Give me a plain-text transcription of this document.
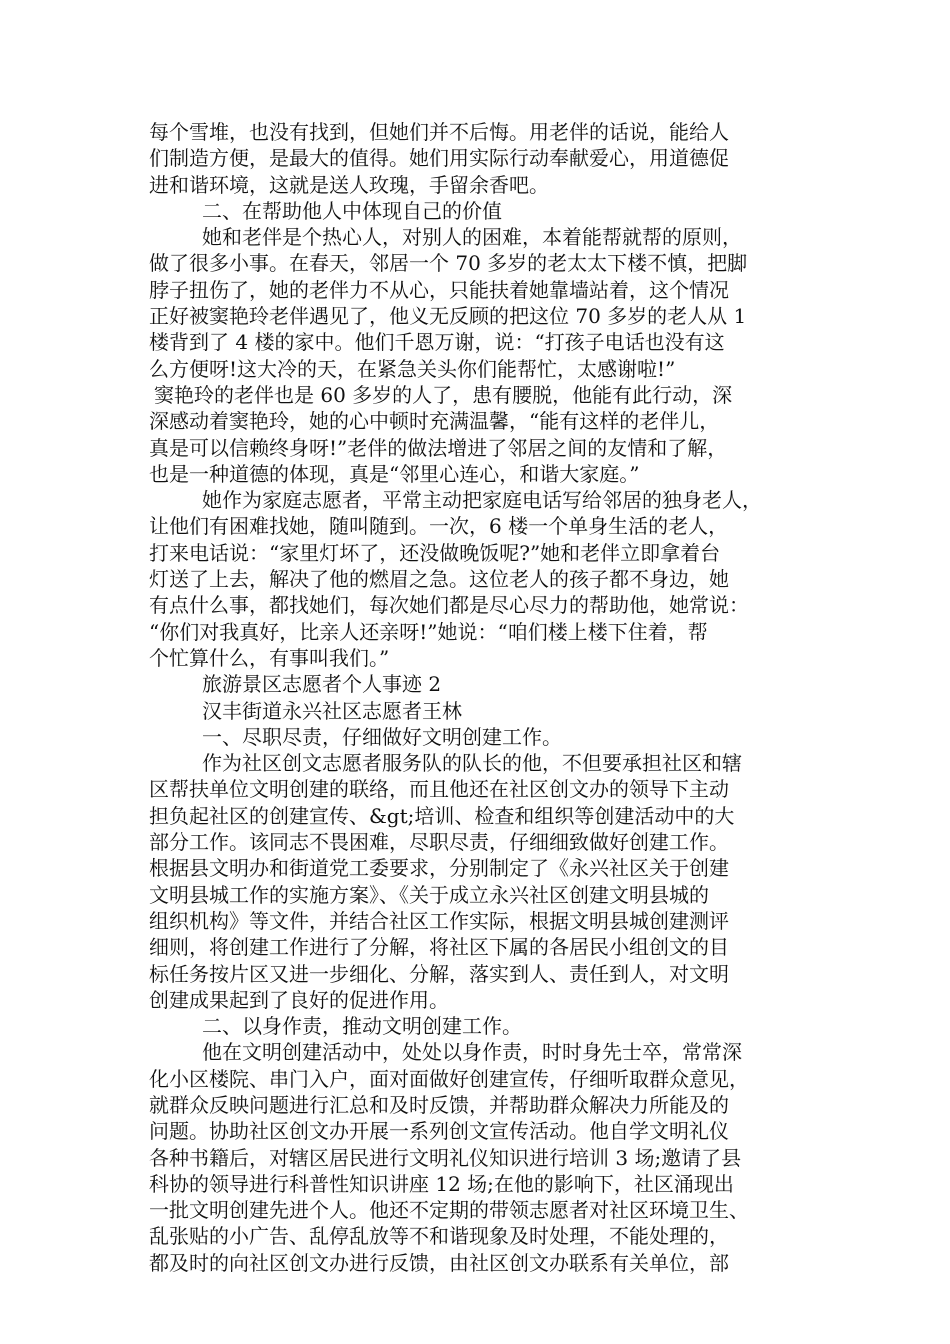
每个雪堆，也没有找到，但她们并不后悔。用老伴的话说，能给人
们制造方便，是最大的值得。她们用实际行动奉献爱心，用道德促
进和谐环境，这就是送人玫瑰，手留余香吧。
二、在帮助他人中体现自己的价值
她和老伴是个热心人，对别人的困难，本着能帮就帮的原则，
做了很多小事。在春天，邻居一个 70 多岁的老太太下楼不慎，把脚
脖子扭伤了，她的老伴力不从心，只能扶着她靠墙站着，这个情况
正好被窦艳玲老伴遇见了，他义无反顾的把这位 70 多岁的老人从 1
楼背到了 4 楼的家中。他们千恩万谢，说：“打孩子电话也没有这
么方便呀!这大冷的天，在紧急关头你们能帮忙，太感谢啦!”
窦艳玲的老伴也是 60 多岁的人了，患有腰脱，他能有此行动，深
深感动着窦艳玲，她的心中顿时充满温馨，“能有这样的老伴儿，
真是可以信赖终身呀!”老伴的做法增进了邻居之间的友情和了解，
也是一种道德的体现，真是“邻里心连心，和谐大家庭。”
她作为家庭志愿者，平常主动把家庭电话写给邻居的独身老人，
让他们有困难找她，随叫随到。一次，6 楼一个单身生活的老人，
打来电话说：“家里灯坏了，还没做晚饭呢?”她和老伴立即拿着台
灯送了上去，解决了他的燃眉之急。这位老人的孩子都不身边，她
有点什么事，都找她们，每次她们都是尽心尽力的帮助他，她常说：
“你们对我真好，比亲人还亲呀!”她说：“咱们楼上楼下住着，帮
个忙算什么，有事叫我们。”
旅游景区志愿者个人事迹 2
汉丰街道永兴社区志愿者王林
一、尽职尽责，仔细做好文明创建工作。
作为社区创文志愿者服务队的队长的他，不但要承担社区和辖
区帮扶单位文明创建的联络，而且他还在社区创文办的领导下主动
担负起社区的创建宣传、&gt;培训、检查和组织等创建活动中的大
部分工作。该同志不畏困难，尽职尽责，仔细细致做好创建工作。
根据县文明办和街道党工委要求，分别制定了《永兴社区关于创建
文明县城工作的实施方案》、《关于成立永兴社区创建文明县城的
组织机构》等文件，并结合社区工作实际，根据文明县城创建测评
细则，将创建工作进行了分解，将社区下属的各居民小组创文的目
标任务按片区又进一步细化、分解，落实到人、责任到人，对文明
创建成果起到了良好的促进作用。
二、以身作责，推动文明创建工作。
他在文明创建活动中，处处以身作责，时时身先士卒，常常深
化小区楼院、串门入户，面对面做好创建宣传，仔细听取群众意见，
就群众反映问题进行汇总和及时反馈，并帮助群众解决力所能及的
问题。协助社区创文办开展一系列创文宣传活动。他自学文明礼仪
各种书籍后，对辖区居民进行文明礼仪知识进行培训 3 场;邀请了县
科协的领导进行科普性知识讲座 12 场;在他的影响下，社区涌现出
一批文明创建先进个人。他还不定期的带领志愿者对社区环境卫生、
乱张贴的小广告、乱停乱放等不和谐现象及时处理，不能处理的，
都及时的向社区创文办进行反馈，由社区创文办联系有关单位，部
